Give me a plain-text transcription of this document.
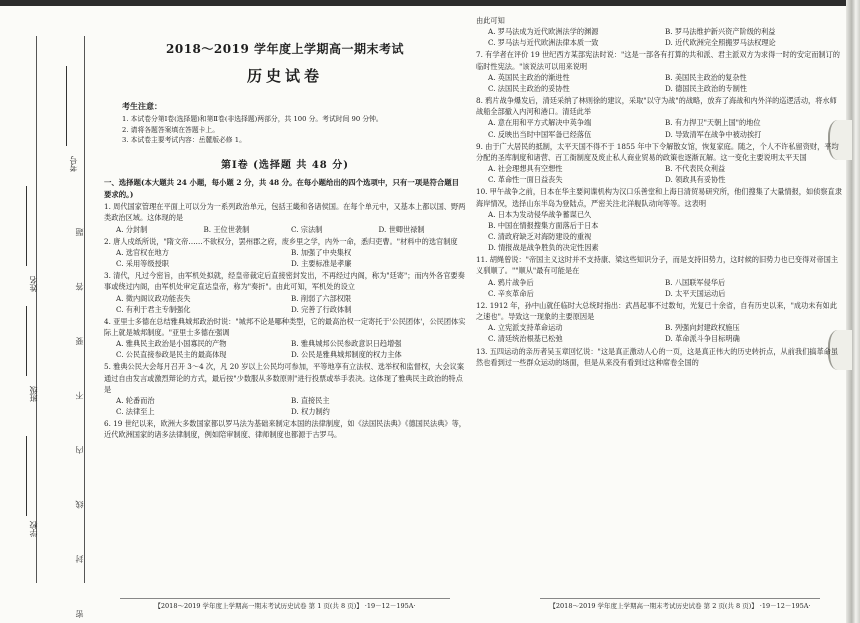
考号
姓名
班级
学校	密 封 线 内 不 要 答 题
2018～2019 学年度上学期高一期末考试
历史试卷
考生注意：
1. 本试卷分第Ⅰ卷(选择题)和第Ⅱ卷(非选择题)两部分，共 100 分。考试时间 90 分钟。
2. 请将各题答案填在答题卡上。
3. 本试卷主要考试内容：岳麓版必修 1。
第Ⅰ卷 (选择题 共 48 分)
一、选择题(本大题共 24 小题，每小题 2 分，共 48 分。在每小题给出的四个选项中，只有一项是符合题目要求的。)
1. 周代国家管理在平面上可以分为一系列政治单元，包括王畿和各诸侯国。在每个单元中，又基本上都以国、野两类政治区域。这体现的是
A. 分封制	B. 王位世袭制	C. 宗法制	D. 世卿世禄制
2. 唐人戍纸所说，"隋文帝……不欲权分，罢州郡之府，废乡里之学，内外一命，悉归吏曹。"材料中的选官制度
A. 选官权在地方	B. 加强了中央集权
C. 采用等级授职	D. 主要标准是孝廉
3. 清代，凡过今密旨，由军机处拟就，经皇帝裁定后直接密封发出，不再经过内阁，称为"廷寄"；而内外各官要奏事或绕过内阁，由军机处审定直达皇帝，称为"奏折"。由此可知，军机处的设立
A. 徵内阁议政功能丧失	B. 削弱了六部权限
C. 有利于君主专制强化	D. 完善了行政体制
4. 亚里士多德在总结雅典城邦政治时说："城邦不论是哪种类型，它的最高治权一定寄托于'公民团体'，公民团体实际上就是城邦制度。"亚里士多德在强调
A. 雅典民主政治是小国寡民的产物	B. 雅典城邦公民参政意识日趋增强
C. 公民直接参政是民主的最高体现	D. 公民是雅典城邦制度的权力主体
5. 雅典公民大会每月召开 3～4 次，凡 20 岁以上公民均可参加，平等地享有立法权、选举权和监督权，大会议案通过自由发言或激烈辩论的方式，最后按"少数服从多数原则"进行投票或举手表决。这体现了雅典民主政治的特点是
A. 轮番而治	B. 直接民主
C. 法律至上	D. 权力制约
6. 19 世纪以来，欧洲大多数国家都以罗马法为基础来制定本国的法律制度，如《法国民法典》《德国民法典》等，近代欧洲国家的诸多法律制度，例如陪审制度、律师制度也都源于古罗马。
由此可知
A. 罗马法成为近代欧洲法学的渊源	B. 罗马法维护新兴资产阶级的利益
C. 罗马法与近代欧洲法律本质一致	D. 近代欧洲完全照搬罗马法权理论
7. 有学者在评价 19 世纪西方某部宪法时说："这是一部各有打算的共和派、君主派双方为求得一时的安定而制订的临时性宪法。"该说法可以用来说明
A. 英国民主政治的渐进性	B. 美国民主政治的复杂性
C. 法国民主政治的妥协性	D. 德国民主政治的专制性
8. 鸦片战争爆发后，清廷采纳了林则徐的建议，采取"以守为战"的战略，放弃了海战和内外洋的巡逻活动，将水师战船全部撤入内河和港口。清廷此举
A. 意在用和平方式解决中英争端	B. 有力捍卫"天朝上国"的地位
C. 反映出当时中国军备已经落伍	D. 导致清军在战争中被动挨打
9. 由于广大居民的抵制，太平天国不得不于 1855 年中下令解散女馆，恢复家庭。随之，个人不许私留资财，平均分配的圣库制度和诸营、百工衙制度及废止私人商业贸易的政策也逐渐瓦解。这一变化主要说明太平天国
A. 社会理想具有空想性	B. 不代表民众利益
C. 革命性一面日益丧失	D. 领政具有妥协性
10. 甲午战争之前，日本在华主要间谍机构为汉口乐善堂和上海日清贸易研究所，他们搜集了大量情报，如侦察直隶海岸情况，选择山东半岛为登陆点，严密关注北洋舰队动向等等。这表明
A. 日本为发动侵华战争蓄谋已久
B. 中国在情报搜集方面落后于日本
C. 清政府缺乏对海防建设的重视
D. 情报战是战争胜负的决定性因素
11. 胡绳曾说："帝国主义这时并不支持康、梁这些知识分子，而是支持旧势力，这时候的旧势力也已变得对帝国主义驯顺了。""顺从"最有可能是在
A. 鸦片战争后	B. 八国联军侵华后
C. 辛亥革命后	D. 太平天国运动后
12. 1912 年，孙中山就任临时大总统时指出：武昌起事不过数旬，光复已十余省，自有历史以来，"成功未有如此之速也"。导致这一现象的主要原因是
A. 立宪派支持革命运动	B. 列强向封建政权施压
C. 清廷统治根基已松弛	D. 革命派斗争目标明确
13. 五四运动的亲历者吴玉章回忆说："这是真正激动人心的一页，这是真正伟大的历史转折点，从前我们搞革命虽然也看到过一些群众运动的场面，但是从来没有看到过这种席卷全国的
【2018～2019 学年度上学期高一期末考试历史试卷 第 1 页(共 8 页)】 ·19－12－195A·	【2018～2019 学年度上学期高一期末考试历史试卷 第 2 页(共 8 页)】 ·19－12－195A·
